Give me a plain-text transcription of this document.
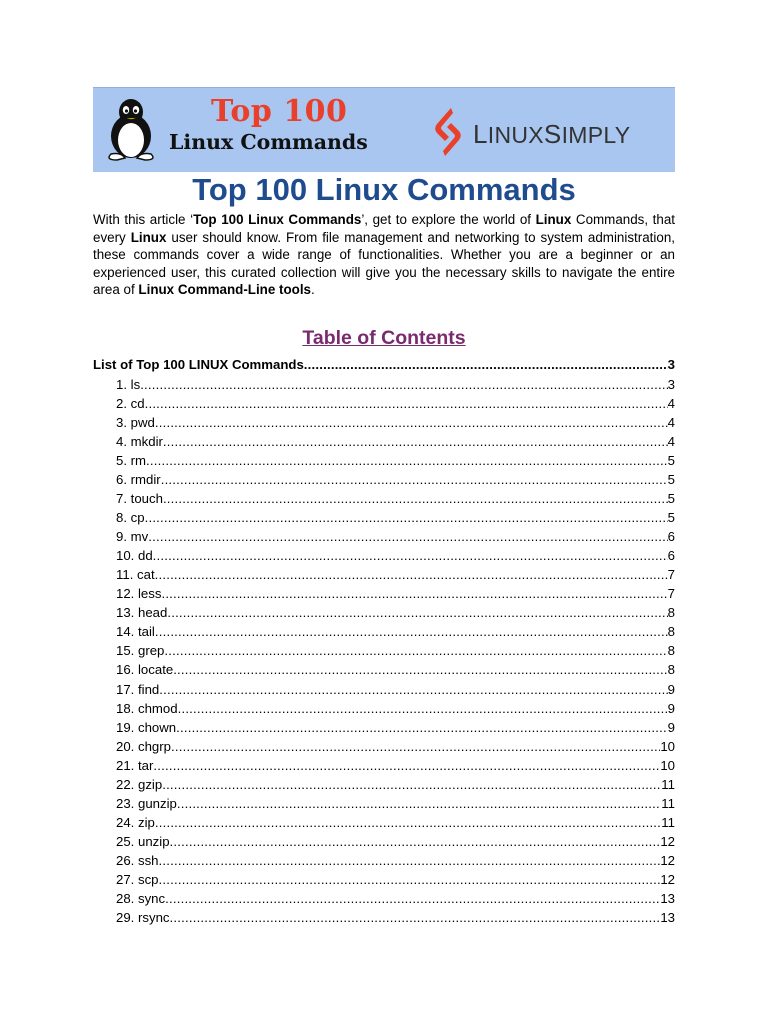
Top 100
Linux Commands	LINUXSIMPLY
Top 100 Linux Commands
With this article ‘Top 100 Linux Commands’, get to explore the world of Linux Commands, that every Linux user should know. From file management and networking to system administration, these commands cover a wide range of functionalities. Whether you are a beginner or an experienced user, this curated collection will give you the necessary skills to navigate the entire area of Linux Command-Line tools.
Table of Contents
List of Top 100 LINUX Commands .....	3
1. ls .....	3
2. cd .....	4
3. pwd .....	4
4. mkdir .....	4
5. rm .....	5
6. rmdir .....	5
7. touch .....	5
8. cp .....	5
9. mv .....	6
10. dd .....	6
11. cat .....	7
12. less .....	7
13. head .....	8
14. tail .....	8
15. grep .....	8
16. locate .....	8
17. find .....	9
18. chmod .....	9
19. chown .....	9
20. chgrp .....	10
21. tar .....	10
22. gzip .....	11
23. gunzip .....	11
24. zip .....	11
25. unzip .....	12
26. ssh .....	12
27. scp .....	12
28. sync .....	13
29. rsync .....	13
